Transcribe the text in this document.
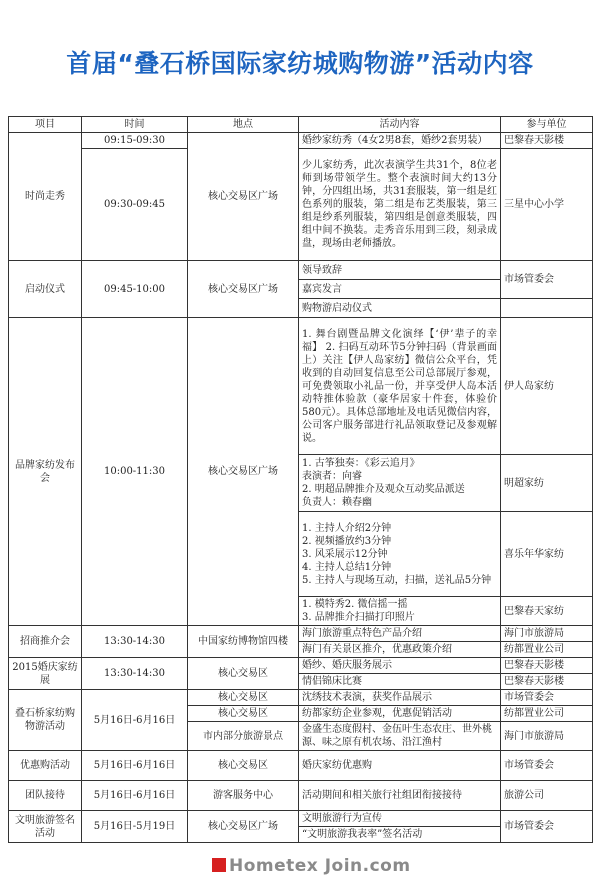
首届“叠石桥国际家纺城购物游”活动内容
项目	时间	地点	活动内容	参与单位
时尚走秀	09:15-09:30	核心交易区广场	婚纱家纺秀（4女2男8套，婚纱2套男装）	巴黎春天影楼
	09:30-09:45		少儿家纺秀，此次表演学生共31个，8位老师到场带领学生。整个表演时间大约13分钟，分四组出场，共31套服装，第一组是红色系列的服装，第二组是布艺类服装，第三组是纱系列服装，第四组是创意类服装，四组中间不换装。走秀音乐用到三段，刻录成盘，现场由老师播放。	三星中心小学
启动仪式	09:45-10:00	核心交易区广场	领导致辞	市场管委会
			嘉宾发言	
			购物游启动仪式	
品牌家纺发布会	10:00-11:30	核心交易区广场	1. 舞台剧暨品牌文化演绎【‘伊’辈子的幸福】 2. 扫码互动环节5分钟扫码（背景画面上）关注【伊人岛家纺】微信公众平台，凭收到的自动回复信息至公司总部展厅参观，可免费领取小礼品一份，并享受伊人岛本活动特推体验款（豪华居家十件套，体验价580元）。具体总部地址及电话见微信内容，公司客户服务部进行礼品领取登记及参观解说。	伊人岛家纺
			1. 古筝独奏：《彩云追月》
表演者：向睿
2. 明超品牌推介及观众互动奖品派送
负责人：赖春幽	明超家纺
			1. 主持人介绍2分钟
2. 视频播放约3分钟
3. 风采展示12分钟
4. 主持人总结1分钟
5. 主持人与现场互动，扫描，送礼品5分钟	喜乐年华家纺
			1. 模特秀2. 微信摇一摇
3. 品牌推介扫描打印照片	巴黎春天家纺
招商推介会	13:30-14:30	中国家纺博物馆四楼	海门旅游重点特色产品介绍	海门市旅游局
			海门有关景区推介，优惠政策介绍	纺都置业公司
2015婚庆家纺展	13:30-14:30	核心交易区	婚纱、婚庆服务展示	巴黎春天影楼
			情侣锦床比赛	巴黎春天影楼
叠石桥家纺购物游活动	5月16日-6月16日	核心交易区	沈绣技术表演，获奖作品展示	市场管委会
		核心交易区	纺都家纺企业参观，优惠促销活动	纺都置业公司
		市内部分旅游景点	金盛生态度假村、金伍叶生态农庄、世外桃源、味之原有机农场、沿江渔村	海门市旅游局
优惠购活动	5月16日-6月16日	核心交易区	婚庆家纺优惠购	市场管委会
团队接待	5月16日-6月16日	游客服务中心	活动期间和相关旅行社组团衔接接待	旅游公司
文明旅游签名活动	5月16日-5月19日	核心交易区广场	文明旅游行为宣传	市场管委会
			“文明旅游我表率”签名活动	
Hometex Join.com
